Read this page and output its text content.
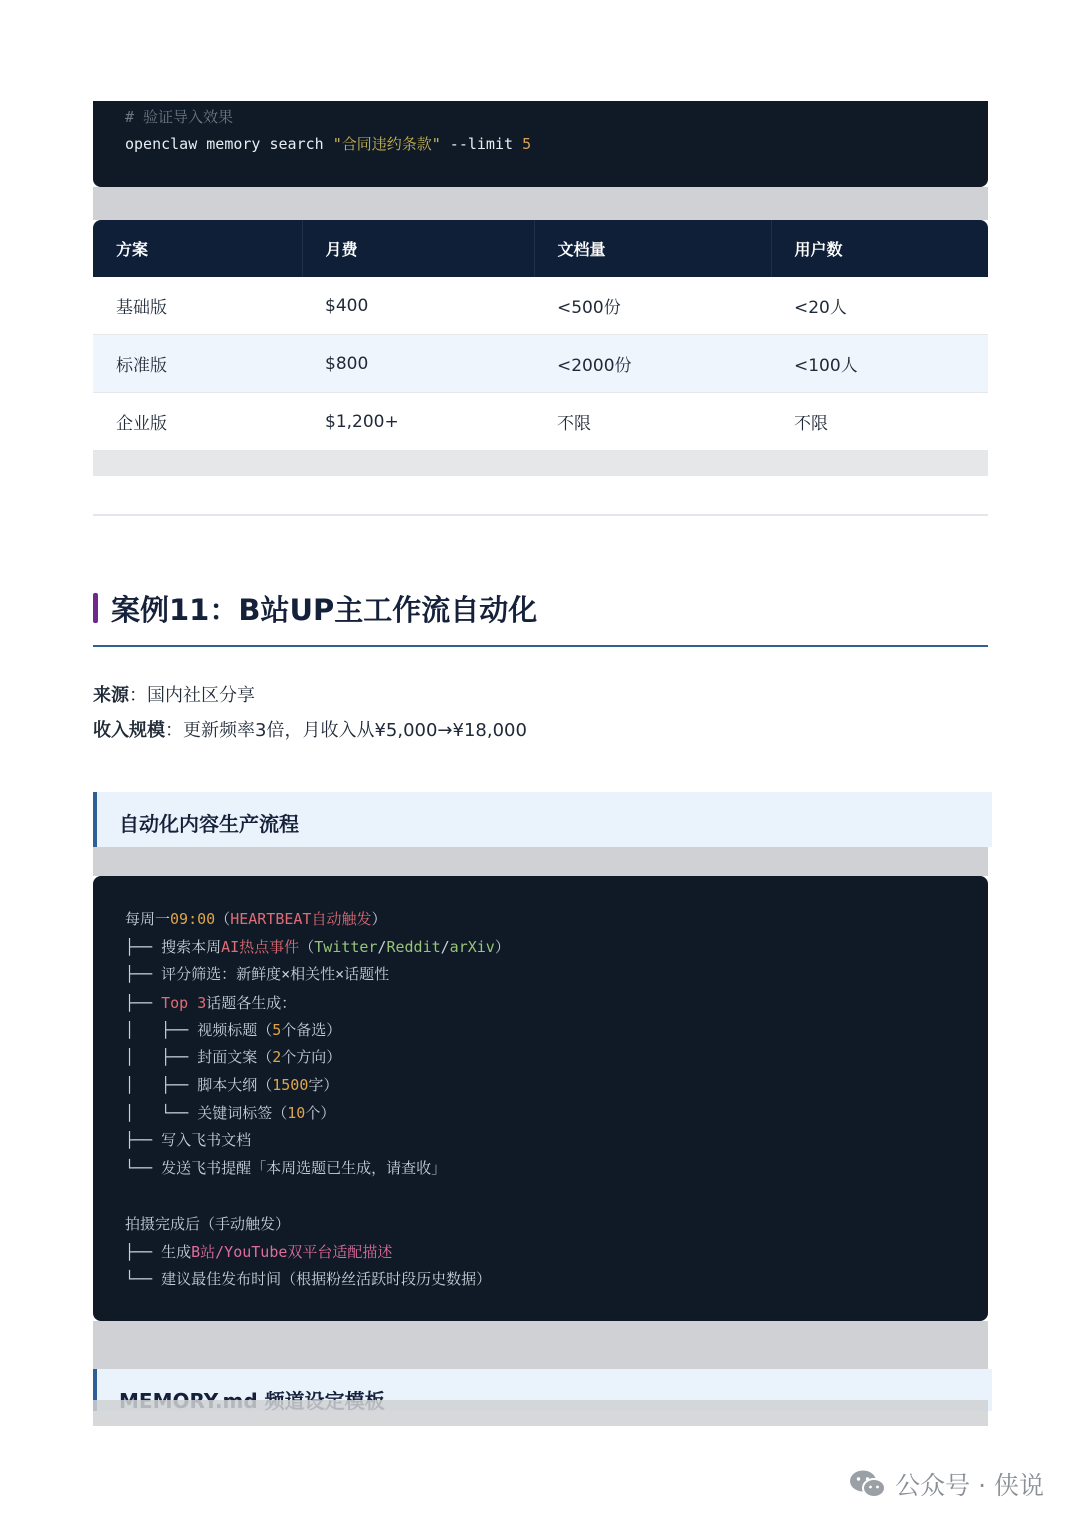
# 验证导入效果
openclaw memory search "合同违约条款" --limit 5
方案	月费	文档量	用户数
基础版	$400	<500份	<20人
标准版	$800	<2000份	<100人
企业版	$1,200+	不限	不限
案例11：B站UP主工作流自动化
来源：国内社区分享
收入规模：更新频率3倍，月收入从¥5,000→¥18,000
自动化内容生产流程
每周一09:00（HEARTBEAT自动触发）
├── 搜索本周AI热点事件（Twitter/Reddit/arXiv）
├── 评分筛选：新鲜度×相关性×话题性
├── Top 3话题各生成：
│   ├── 视频标题（5个备选）
│   ├── 封面文案（2个方向）
│   ├── 脚本大纲（1500字）
│   └── 关键词标签（10个）
├── 写入飞书文档
└── 发送飞书提醒「本周选题已生成，请查收」
拍摄完成后（手动触发）
├── 生成B站/YouTube双平台适配描述
└── 建议最佳发布时间（根据粉丝活跃时段历史数据）
公众号 · 侠说
